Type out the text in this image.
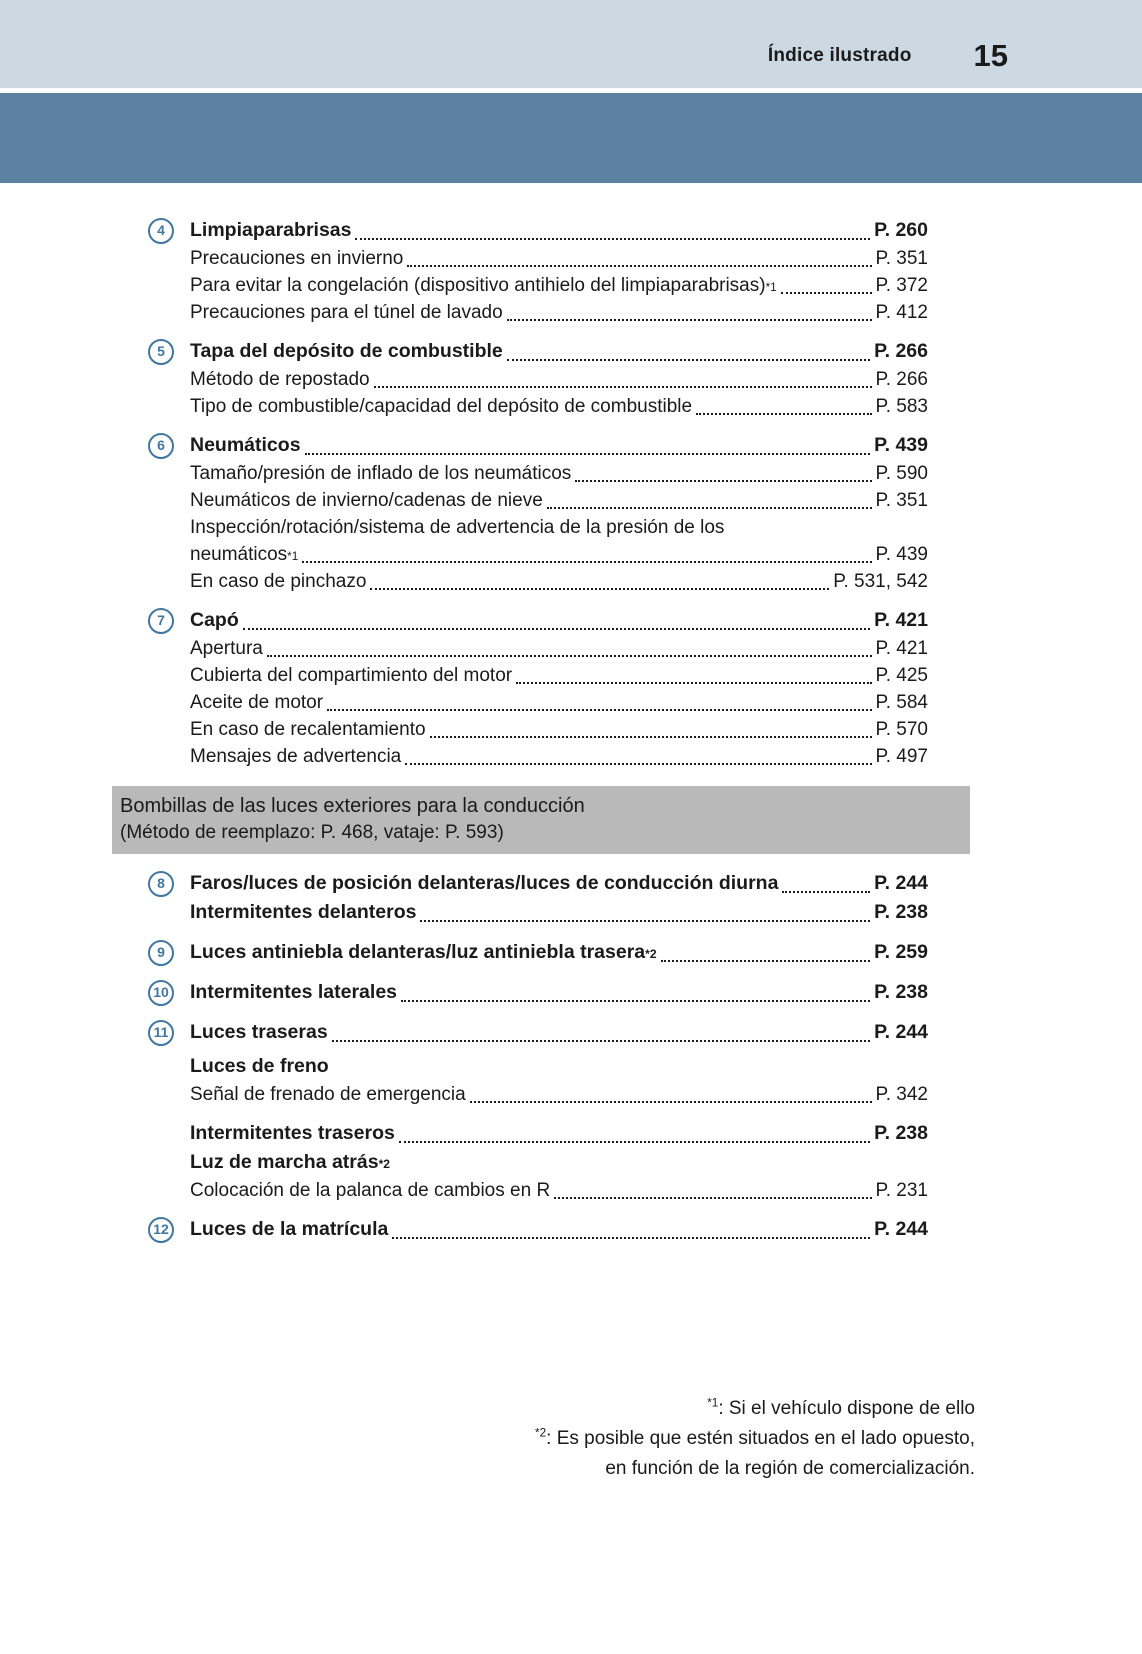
Índice ilustrado 15
4	Limpiaparabrisas	P. 260
Precauciones en invierno	P. 351
Para evitar la congelación (dispositivo antihielo del limpiaparabrisas) *1	P. 372
Precauciones para el túnel de lavado	P. 412
5	Tapa del depósito de combustible	P. 266
Método de repostado	P. 266
Tipo de combustible/capacidad del depósito de combustible	P. 583
6	Neumáticos	P. 439
Tamaño/presión de inflado de los neumáticos	P. 590
Neumáticos de invierno/cadenas de nieve	P. 351
Inspección/rotación/sistema de advertencia de la presión de los
neumáticos *1	P. 439
En caso de pinchazo	P. 531, 542
7	Capó	P. 421
Apertura	P. 421
Cubierta del compartimiento del motor	P. 425
Aceite de motor	P. 584
En caso de recalentamiento	P. 570
Mensajes de advertencia	P. 497
Bombillas de las luces exteriores para la conducción
(Método de reemplazo: P. 468, vataje: P. 593)
8	Faros/luces de posición delanteras/luces de conducción diurna	P. 244
Intermitentes delanteros	P. 238
9	Luces antiniebla delanteras/luz antiniebla trasera *2	P. 259
10 Intermitentes laterales	P. 238
11 Luces traseras	P. 244
Luces de freno
Señal de frenado de emergencia	P. 342
Intermitentes traseros	P. 238
Luz de marcha atrás *2
Colocación de la palanca de cambios en R	P. 231
12 Luces de la matrícula	P. 244
$^{*1}$: Si el vehículo dispone de ello
$^{*2}$: Es posible que estén situados en el lado opuesto,
en función de la región de comercialización.
